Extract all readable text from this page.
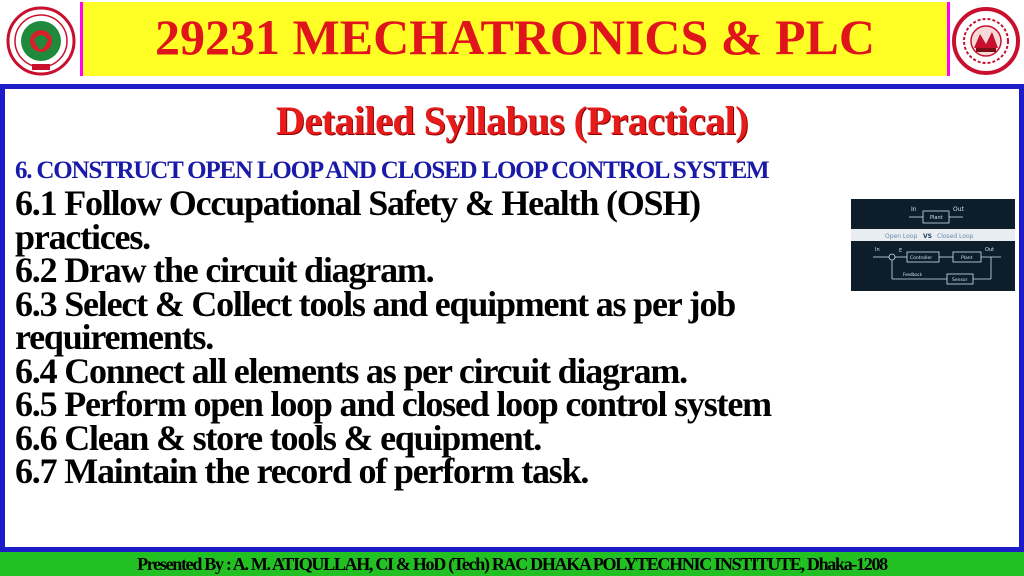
29231 MECHATRONICS & PLC
Detailed Syllabus (Practical)
6. CONSTRUCT OPEN LOOP AND CLOSED LOOP CONTROL SYSTEM
6.1 Follow Occupational Safety & Health (OSH)
practices.
6.2 Draw the circuit diagram.
6.3 Select & Collect tools and equipment as per job
requirements.
6.4 Connect all elements as per circuit diagram.
6.5 Perform open loop and closed loop control system
6.6 Clean & store tools & equipment.
6.7 Maintain the record of perform task.
In
Plant
Out
Open Loop VS Closed Loop
In	E
Controller	Plant
Out
Sensor
Feedback
Presented By : A. M. ATIQULLAH, CI & HoD (Tech) RAC DHAKA POLYTECHNIC INSTITUTE, Dhaka-1208
